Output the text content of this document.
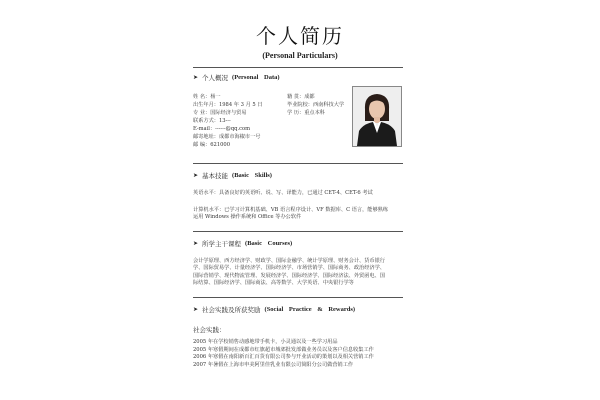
个人简历
(Personal Particulars)
➤ 个人概况 (Personal Data)
姓 名：杨一	籍 贯：成都
出生年月：1984 年 3 月 5 日	毕业院校：西南科技大学
专 业：国际经济与贸易	学 历：重点本科
联系方式：13---
E-mail：------@qq.com
邮寄地址：成都市海椒市一号
邮 编：621000
➤ 基本技能 (Basic Skills)
英语水平：具备良好的英语听、说、写、译能力，已通过 CET-4、CET-6 考试
计算机水平：已学习计算机基础、VB 语言程序设计、VF 数据库、C 语言，能够熟练
运用 Windows 操作系统和 Office 等办公软件
➤ 所学主干课程 (Basic Courses)
会计学原理、西方经济学、财政学、国际金融学、统计学原理、财务会计、货币银行
学、国际贸易学、计量经济学、国际经济学、市场营销学、国际商务、政治经济学、
国际营销学、现代物流管理、发展经济学、国际经济学、国际经济法、外贸函电、国
际结算、国际经济学、国际商法、高等数学、大学英语、中央银行学等
➤ 社会实践及所获奖励 (Social Practice & Rewards)
社会实践：
2005 年在学校销售动感地带手机卡，小灵通以及一些学习用品
2005 年寒假期间在成都市红旗超市城郊批发部做业务员以及客户信息收集工作
2006 年寒假在南阳新百汇百货有限公司参与开业活动的策划以及相关营销工作
2007 年暑假在上海市申美阿里佳乳业有限公司简阳分公司做营销工作
